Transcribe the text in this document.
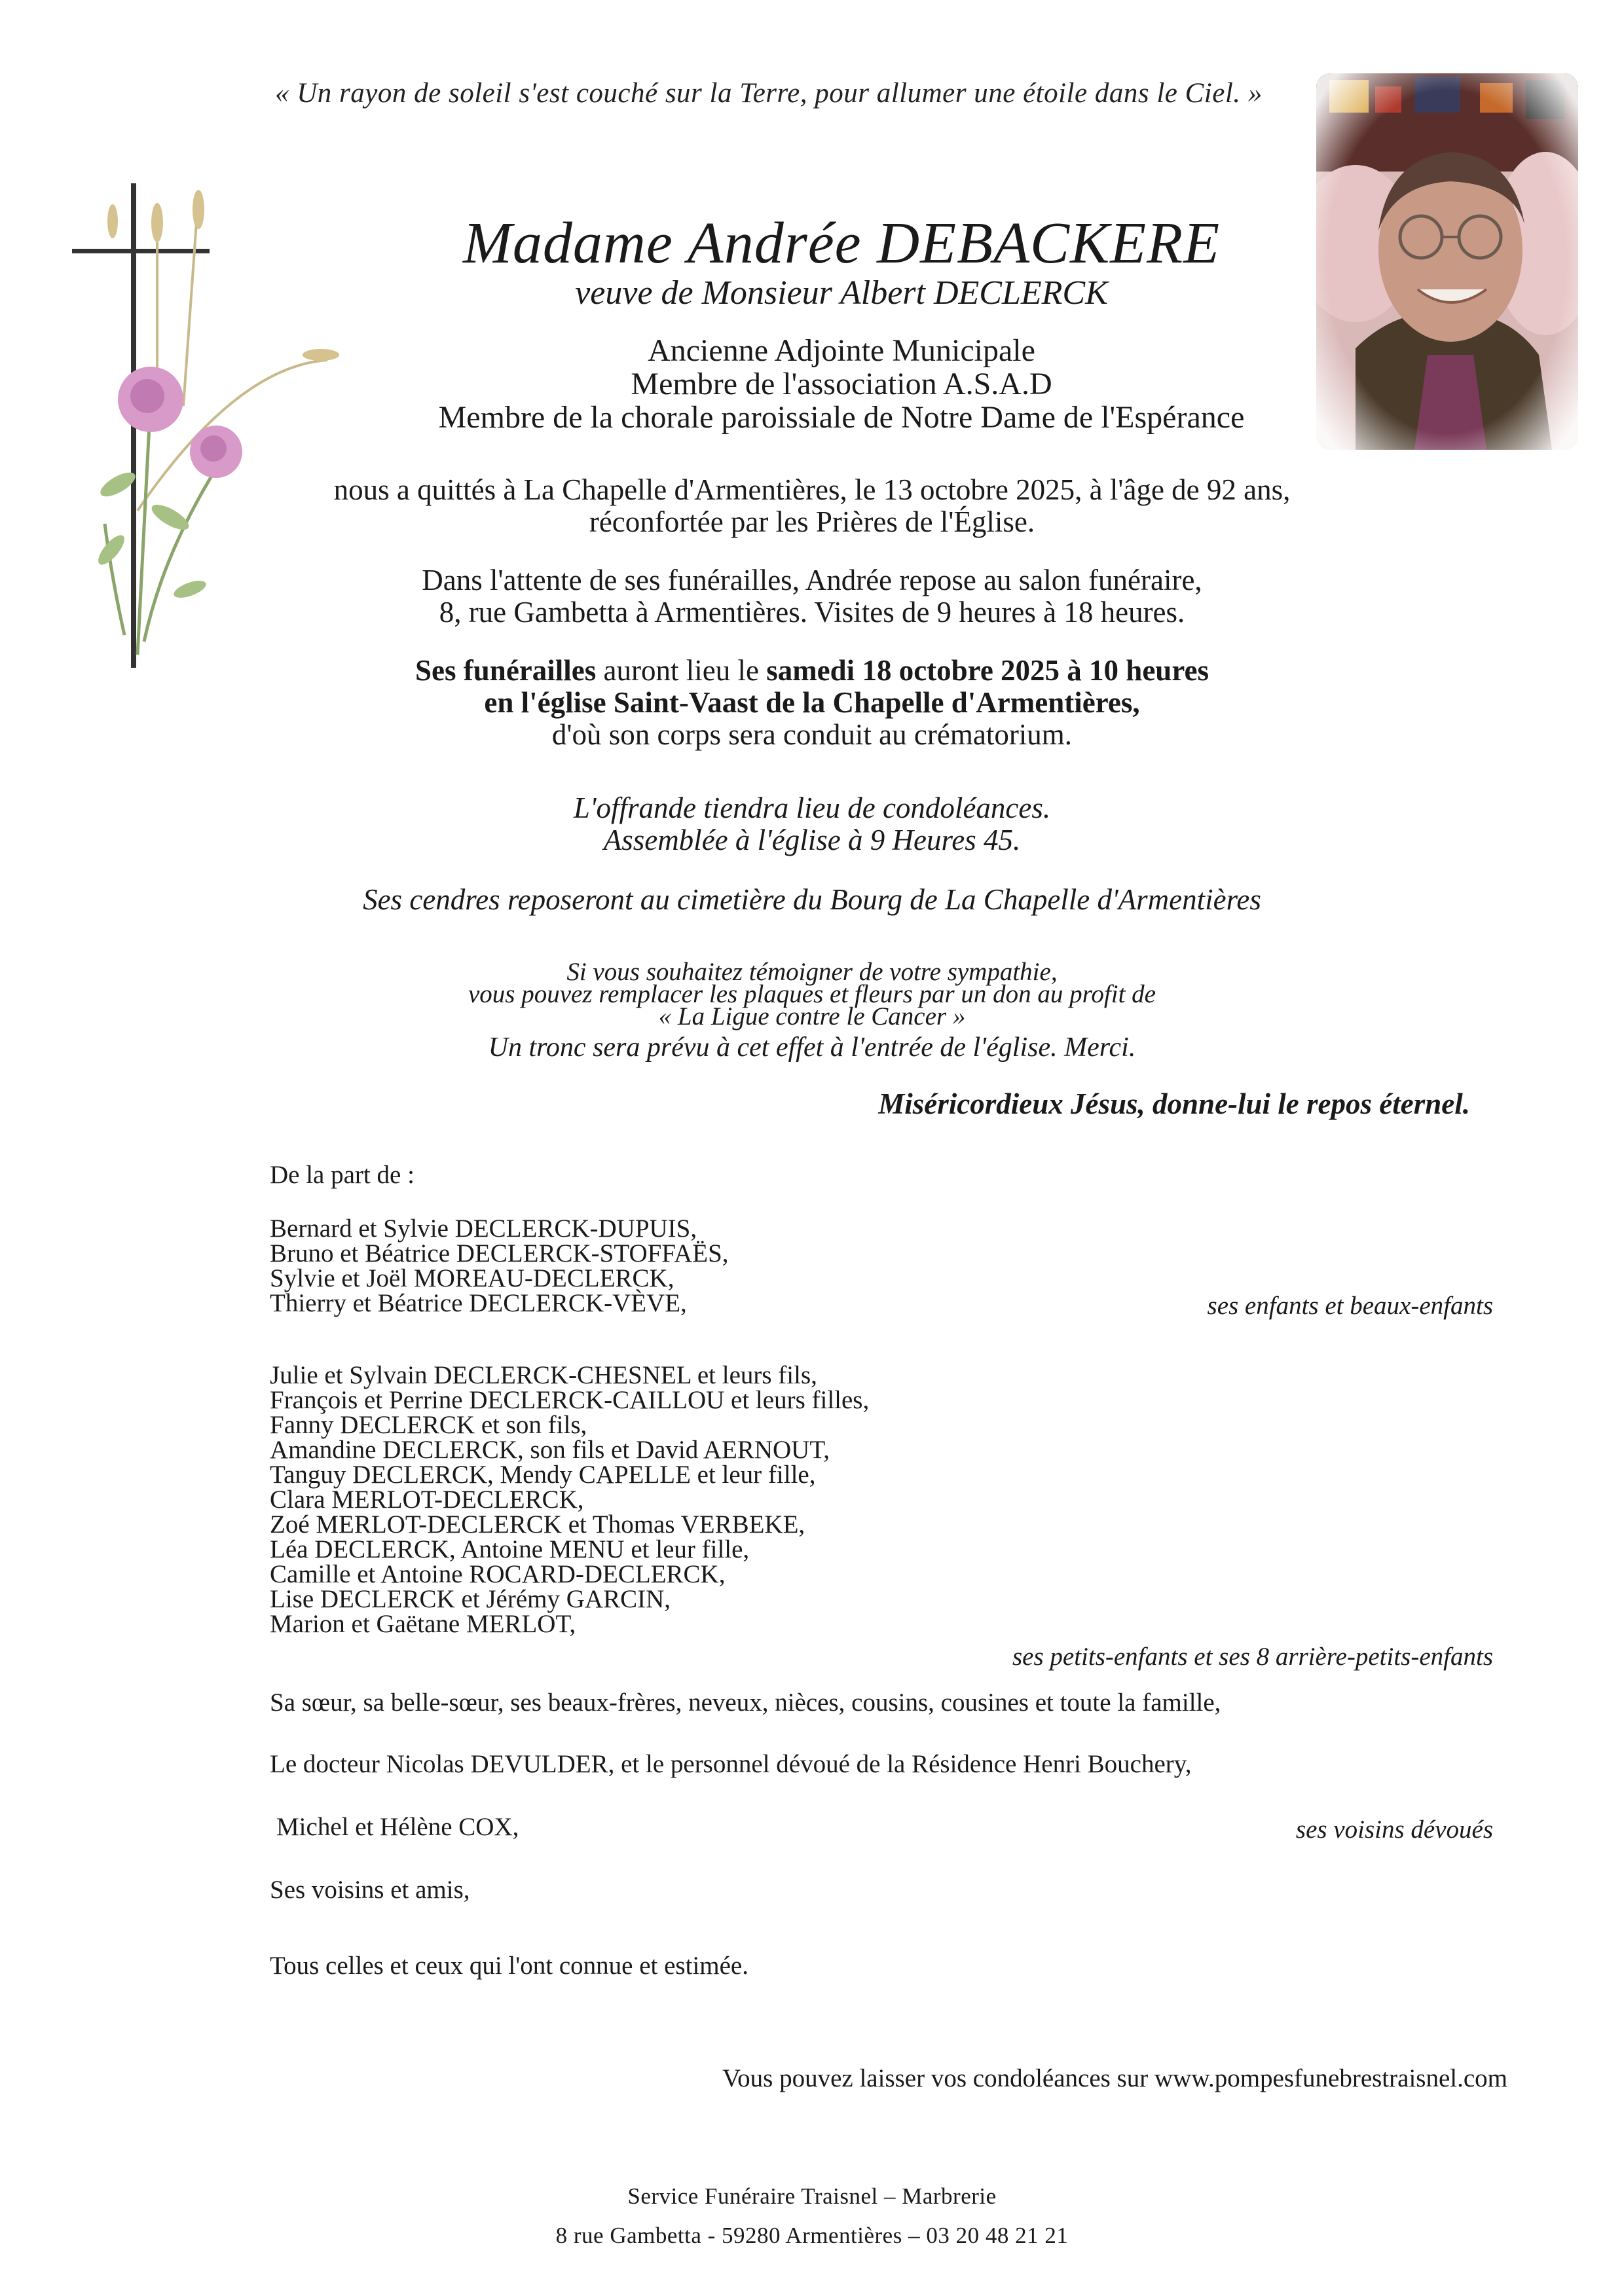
« Un rayon de soleil s'est couché sur la Terre, pour allumer une étoile dans le Ciel. »
Madame Andrée DEBACKERE
veuve de Monsieur Albert DECLERCK
Ancienne Adjointe Municipale
Membre de l'association A.S.A.D
Membre de la chorale paroissiale de Notre Dame de l'Espérance
nous a quittés à La Chapelle d'Armentières, le 13 octobre 2025, à l'âge de 92 ans,
réconfortée par les Prières de l'Église.
Dans l'attente de ses funérailles, Andrée repose au salon funéraire,
8, rue Gambetta à Armentières. Visites de 9 heures à 18 heures.
Ses funérailles auront lieu le samedi 18 octobre 2025 à 10 heures
en l'église Saint-Vaast de la Chapelle d'Armentières,
d'où son corps sera conduit au crématorium.
L'offrande tiendra lieu de condoléances.
Assemblée à l'église à 9 Heures 45.
Ses cendres reposeront au cimetière du Bourg de La Chapelle d'Armentières
Si vous souhaitez témoigner de votre sympathie,
vous pouvez remplacer les plaques et fleurs par un don au profit de
« La Ligue contre le Cancer »
Un tronc sera prévu à cet effet à l'entrée de l'église. Merci.
Miséricordieux Jésus, donne-lui le repos éternel.
De la part de :
Bernard et Sylvie DECLERCK-DUPUIS,
Bruno et Béatrice DECLERCK-STOFFAËS,
Sylvie et Joël MOREAU-DECLERCK,
Thierry et Béatrice DECLERCK-VÈVE,	ses enfants et beaux-enfants
Julie et Sylvain DECLERCK-CHESNEL et leurs fils,
François et Perrine DECLERCK-CAILLOU et leurs filles,
Fanny DECLERCK et son fils,
Amandine DECLERCK, son fils et David AERNOUT,
Tanguy DECLERCK, Mendy CAPELLE et leur fille,
Clara MERLOT-DECLERCK,
Zoé MERLOT-DECLERCK et Thomas VERBEKE,
Léa DECLERCK, Antoine MENU et leur fille,
Camille et Antoine ROCARD-DECLERCK,
Lise DECLERCK et Jérémy GARCIN,
Marion et Gaëtane MERLOT,
ses petits-enfants et ses 8 arrière-petits-enfants
Sa sœur, sa belle-sœur, ses beaux-frères, neveux, nièces, cousins, cousines et toute la famille,
Le docteur Nicolas DEVULDER, et le personnel dévoué de la Résidence Henri Bouchery,
Michel et Hélène COX,	ses voisins dévoués
Ses voisins et amis,
Tous celles et ceux qui l'ont connue et estimée.
Vous pouvez laisser vos condoléances sur www.pompesfunebrestraisnel.com
Service Funéraire Traisnel – Marbrerie
8 rue Gambetta - 59280 Armentières – 03 20 48 21 21
